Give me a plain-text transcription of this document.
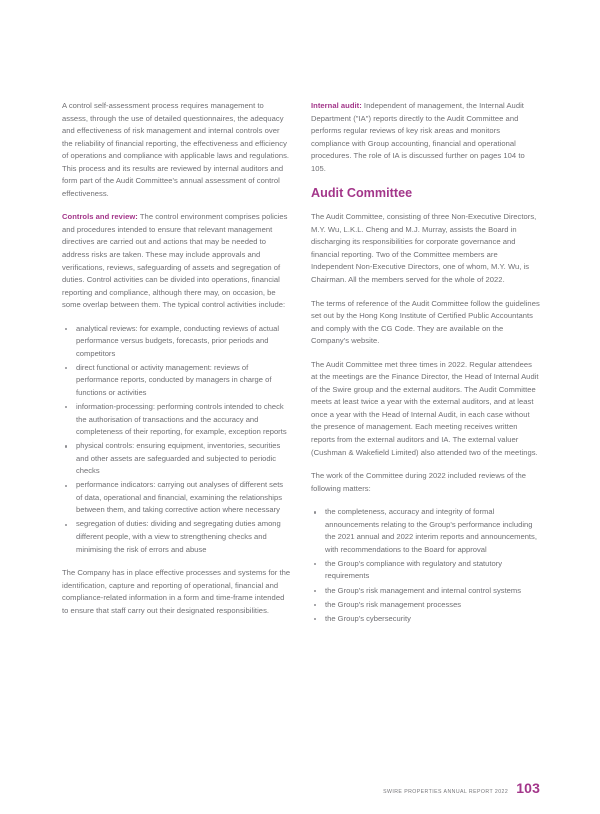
A control self-assessment process requires management to assess, through the use of detailed questionnaires, the adequacy and effectiveness of risk management and internal controls over the reliability of financial reporting, the effectiveness and efficiency of operations and compliance with applicable laws and regulations. This process and its results are reviewed by internal auditors and form part of the Audit Committee's annual assessment of control effectiveness.

Controls and review: The control environment comprises policies and procedures intended to ensure that relevant management directives are carried out and actions that may be needed to address risks are taken. These may include approvals and verifications, reviews, safeguarding of assets and segregation of duties. Control activities can be divided into operations, financial reporting and compliance, although there may, on occasion, be some overlap between them. The typical control activities include:

analytical reviews: for example, conducting reviews of actual performance versus budgets, forecasts, prior periods and competitors
direct functional or activity management: reviews of performance reports, conducted by managers in charge of functions or activities
information-processing: performing controls intended to check the authorisation of transactions and the accuracy and completeness of their reporting, for example, exception reports
physical controls: ensuring equipment, inventories, securities and other assets are safeguarded and subjected to periodic checks
performance indicators: carrying out analyses of different sets of data, operational and financial, examining the relationships between them, and taking corrective action where necessary
segregation of duties: dividing and segregating duties among different people, with a view to strengthening checks and minimising the risk of errors and abuse

The Company has in place effective processes and systems for the identification, capture and reporting of operational, financial and compliance-related information in a form and time-frame intended to ensure that staff carry out their designated responsibilities.

Internal audit: Independent of management, the Internal Audit Department ("IA") reports directly to the Audit Committee and performs regular reviews of key risk areas and monitors compliance with Group accounting, financial and operational procedures. The role of IA is discussed further on pages 104 to 105.

Audit Committee

The Audit Committee, consisting of three Non-Executive Directors, M.Y. Wu, L.K.L. Cheng and M.J. Murray, assists the Board in discharging its responsibilities for corporate governance and financial reporting. Two of the Committee members are Independent Non-Executive Directors, one of whom, M.Y. Wu, is Chairman. All the members served for the whole of 2022.

The terms of reference of the Audit Committee follow the guidelines set out by the Hong Kong Institute of Certified Public Accountants and comply with the CG Code. They are available on the Company's website.

The Audit Committee met three times in 2022. Regular attendees at the meetings are the Finance Director, the Head of Internal Audit of the Swire group and the external auditors. The Audit Committee meets at least twice a year with the external auditors, and at least once a year with the Head of Internal Audit, in each case without the presence of management. Each meeting receives written reports from the external auditors and IA. The external valuer (Cushman & Wakefield Limited) also attended two of the meetings.

The work of the Committee during 2022 included reviews of the following matters:

the completeness, accuracy and integrity of formal announcements relating to the Group's performance including the 2021 annual and 2022 interim reports and announcements, with recommendations to the Board for approval
the Group's compliance with regulatory and statutory requirements
the Group's risk management and internal control systems
the Group's risk management processes
the Group's cybersecurity
SWIRE PROPERTIES ANNUAL REPORT 2022 103
